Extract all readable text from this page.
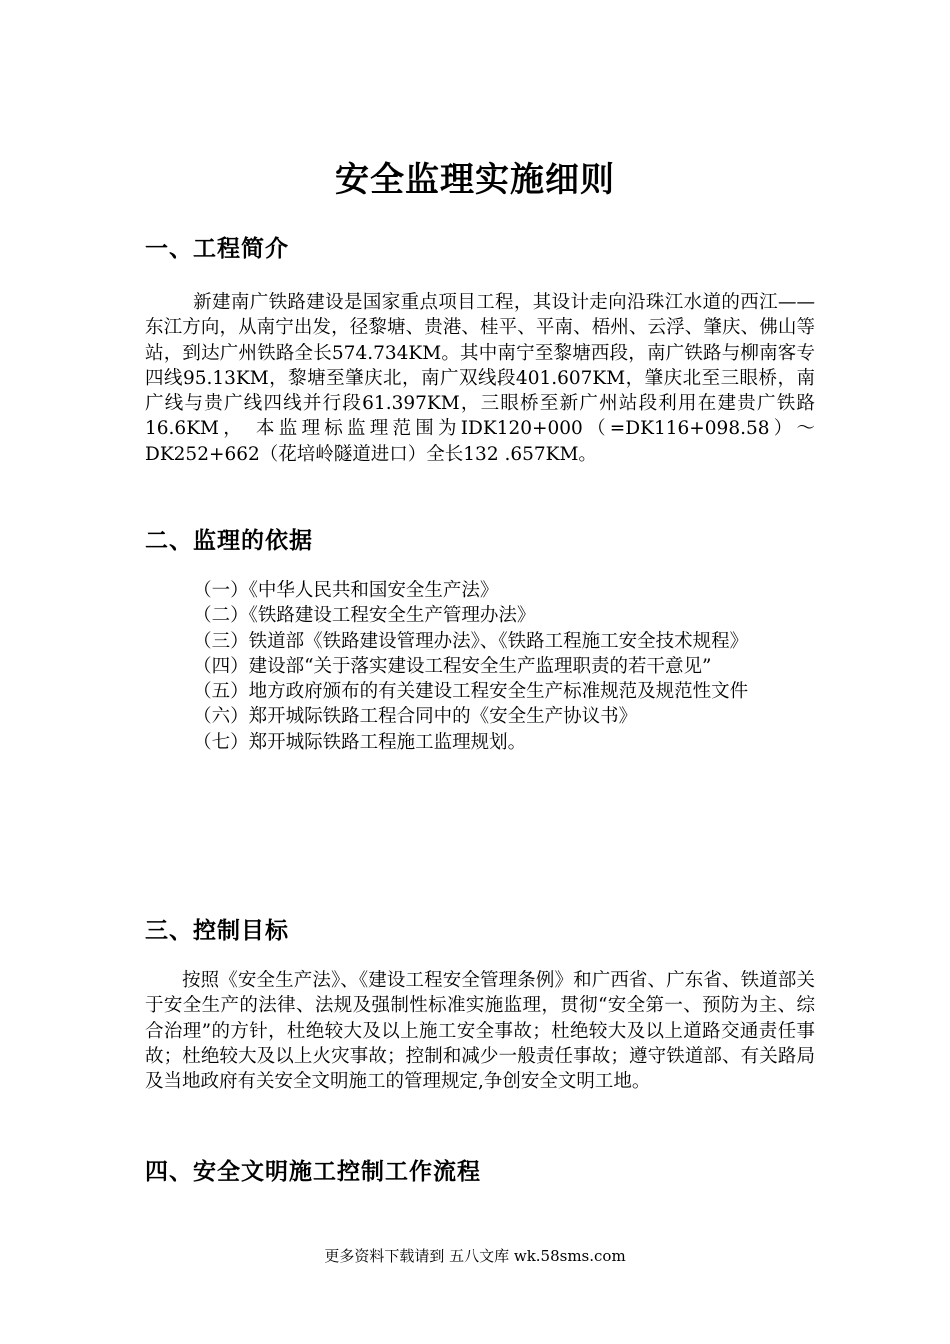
安全监理实施细则
一、工程简介

新建南广铁路建设是国家重点项目工程，其设计走向沿珠江水道的西江——东江方向，从南宁出发，径黎塘、贵港、桂平、平南、梧州、云浮、肇庆、佛山等站，到达广州铁路全长574.734KM。其中南宁至黎塘西段，南广铁路与柳南客专四线95.13KM，黎塘至肇庆北，南广双线段401.607KM，肇庆北至三眼桥，南广线与贵广线四线并行段61.397KM，三眼桥至新广州站段利用在建贵广铁路16.6KM， 本监理标监理范围为IDK120+000（=DK116+098.58）～DK252+662（花培岭隧道进口）全长132 .657KM。

二、监理的依据
（一）《中华人民共和国安全生产法》
（二）《铁路建设工程安全生产管理办法》
（三）铁道部《铁路建设管理办法》、《铁路工程施工安全技术规程》
（四）建设部“关于落实建设工程安全生产监理职责的若干意见”
（五）地方政府颁布的有关建设工程安全生产标准规范及规范性文件
（六）郑开城际铁路工程合同中的《安全生产协议书》
（七）郑开城际铁路工程施工监理规划。
三、控制目标

按照《安全生产法》、《建设工程安全管理条例》和广西省、广东省、铁道部关于安全生产的法律、法规及强制性标准实施监理，贯彻“安全第一、预防为主、综合治理”的方针，杜绝较大及以上施工安全事故；杜绝较大及以上道路交通责任事故；杜绝较大及以上火灾事故；控制和减少一般责任事故；遵守铁道部、有关路局及当地政府有关安全文明施工的管理规定,争创安全文明工地。

四、安全文明施工控制工作流程
更多资料下载请到 五八文库 wk.58sms.com
